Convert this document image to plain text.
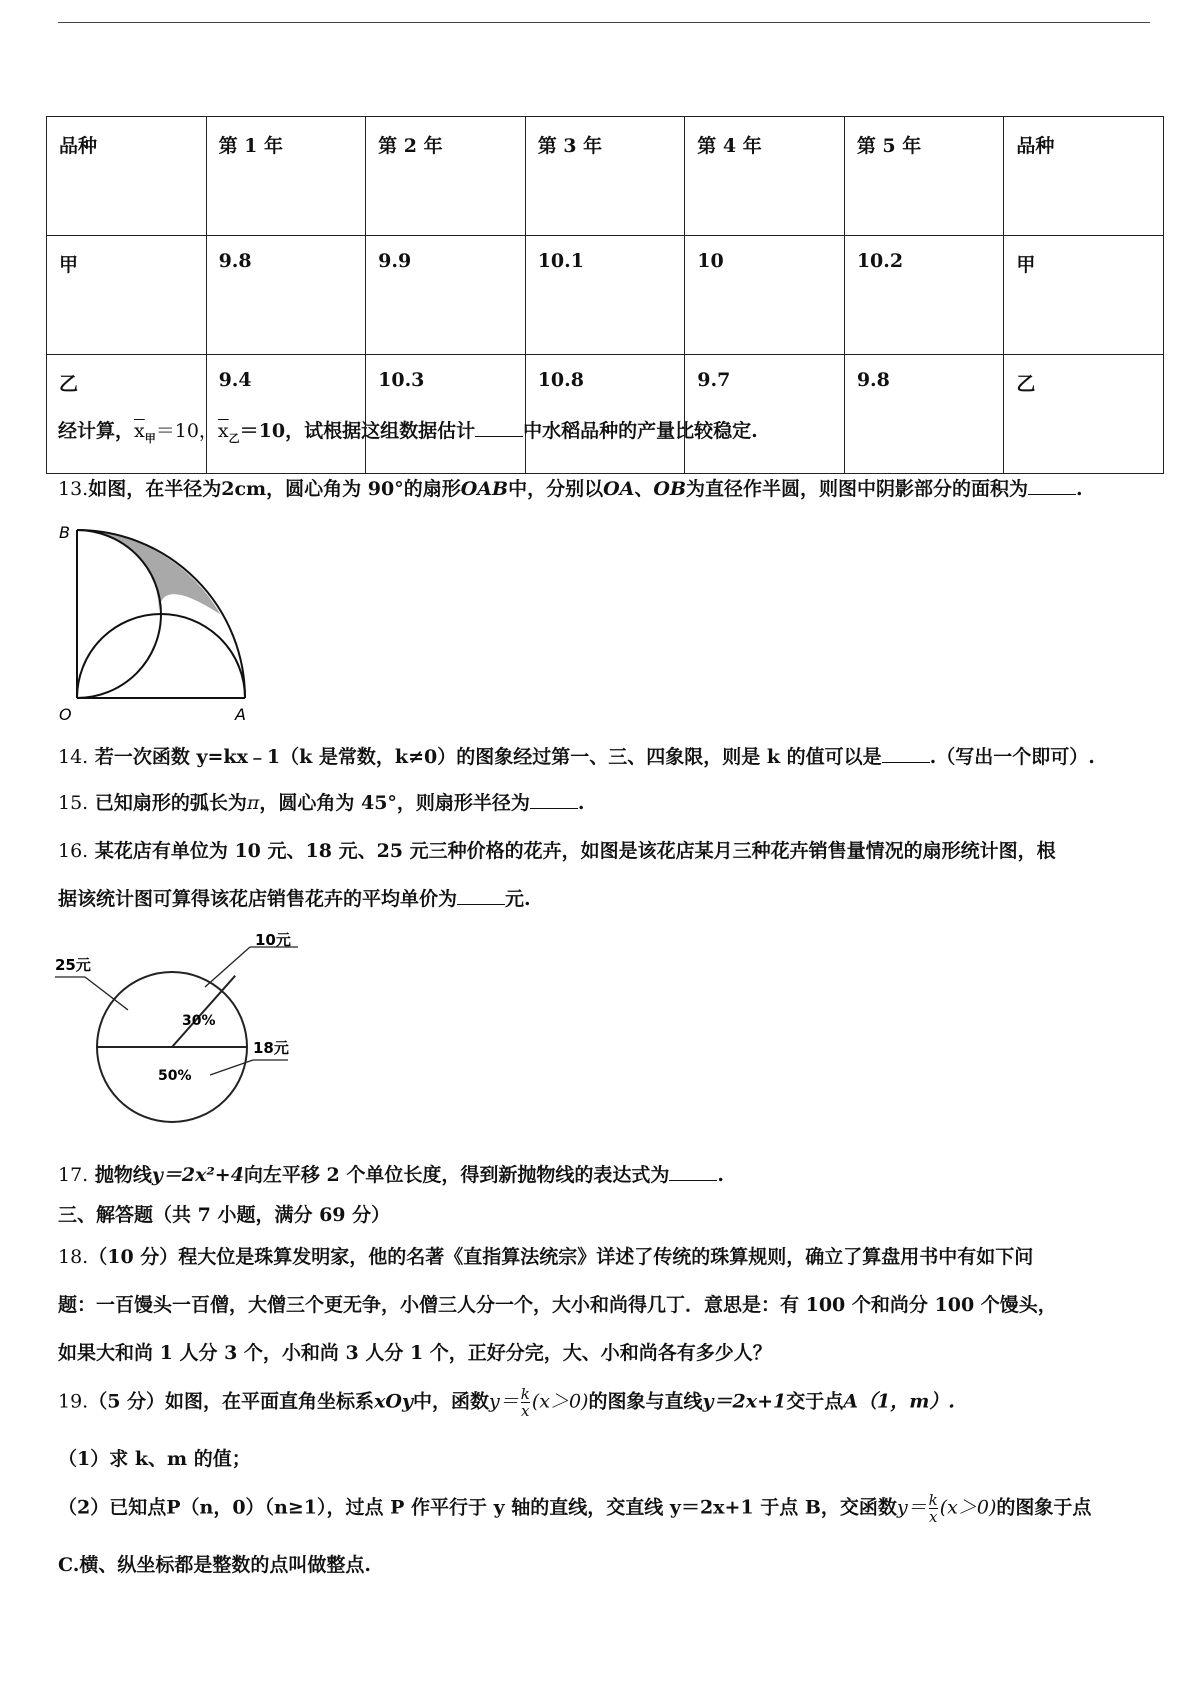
品种	第 1 年	第 2 年	第 3 年	第 4 年	第 5 年	品种
甲	9.8	9.9	10.1	10	10.2	甲
乙	9.4	10.3	10.8	9.7	9.8	乙
经计算，$\overline{x}_甲=10$，$\overline{x}_乙=10$，试根据这组数据估计	中水稻品种的产量比较稳定.
13.如图，在半径为2cm，圆心角为 90°的扇形OAB中，分别以OA、OB为直径作半圆，则图中阴影部分的面积为	.
B
O	A
14. 若一次函数 y=kx﹣1（k 是常数，k≠0）的图象经过第一、三、四象限，则是 k 的值可以是	.（写出一个即可）.
15. 已知扇形的弧长为π，圆心角为 45°，则扇形半径为	.
16. 某花店有单位为 10 元、18 元、25 元三种价格的花卉，如图是该花店某月三种花卉销售量情况的扇形统计图，根
据该统计图可算得该花店销售花卉的平均单价为	元.
10元
25元
18元
30%
50%
17. 抛物线y＝2x²+4向左平移 2 个单位长度，得到新抛物线的表达式为	.
三、解答题（共 7 小题，满分 69 分）
18.（10 分）程大位是珠算发明家，他的名著《直指算法统宗》详述了传统的珠算规则，确立了算盘用书中有如下问
题：一百馒头一百僧，大僧三个更无争，小僧三人分一个，大小和尚得几丁．意思是：有 100 个和尚分 100 个馒头，
如果大和尚 1 人分 3 个，小和尚 3 人分 1 个，正好分完，大、小和尚各有多少人？
19.（5 分）如图，在平面直角坐标系xOy中，函数$y= \frac{k}{x} (x>0)$的图象与直线y＝2x+1交于点A（1，m）.
（1）求 k、m 的值；
（2）已知点P（n，0）（n≥1），过点 P 作平行于 y 轴的直线，交直线 y＝2x+1 于点 B，交函数$y= \frac{k}{x} (x>0)$的图象于点
C.横、纵坐标都是整数的点叫做整点.
